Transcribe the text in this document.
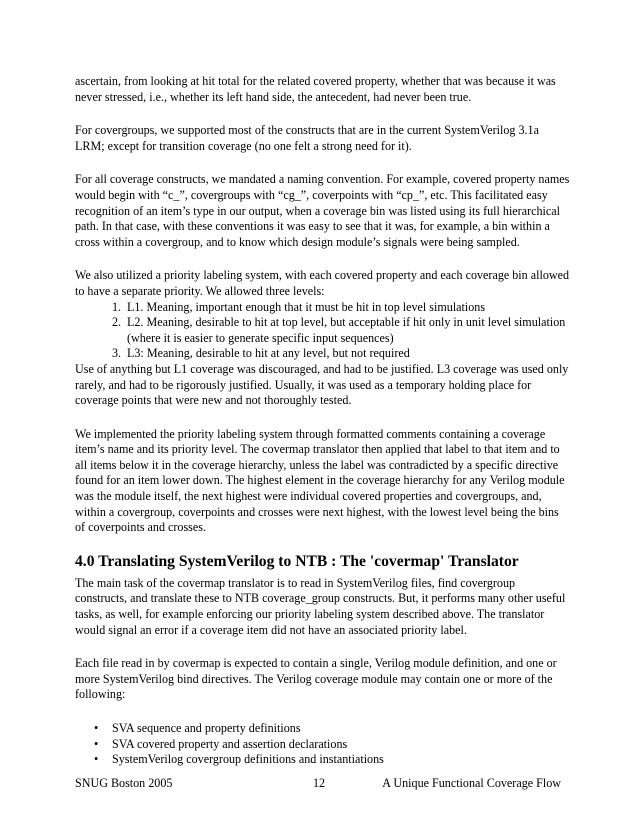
ascertain, from looking at hit total for the related covered property, whether that was because it was never stressed, i.e., whether its left hand side, the antecedent, had never been true.

For covergroups, we supported most of the constructs that are in the current SystemVerilog 3.1a LRM; except for transition coverage (no one felt a strong need for it).

For all coverage constructs, we mandated a naming convention. For example, covered property names would begin with “c_”, covergroups with “cg_”, coverpoints with “cp_”, etc. This facilitated easy recognition of an item’s type in our output, when a coverage bin was listed using its full hierarchical path. In that case, with these conventions it was easy to see that it was, for example, a bin within a cross within a covergroup, and to know which design module’s signals were being sampled.

We also utilized a priority labeling system, with each covered property and each coverage bin allowed to have a separate priority. We allowed three levels:

1. L1. Meaning, important enough that it must be hit in top level simulations
2. L2. Meaning, desirable to hit at top level, but acceptable if hit only in unit level simulation (where it is easier to generate specific input sequences)
3. L3: Meaning, desirable to hit at any level, but not required

Use of anything but L1 coverage was discouraged, and had to be justified. L3 coverage was used only rarely, and had to be rigorously justified. Usually, it was used as a temporary holding place for coverage points that were new and not thoroughly tested.

We implemented the priority labeling system through formatted comments containing a coverage item’s name and its priority level. The covermap translator then applied that label to that item and to all items below it in the coverage hierarchy, unless the label was contradicted by a specific directive found for an item lower down. The highest element in the coverage hierarchy for any Verilog module was the module itself, the next highest were individual covered properties and covergroups, and, within a covergroup, coverpoints and crosses were next highest, with the lowest level being the bins of coverpoints and crosses.

4.0 Translating SystemVerilog to NTB : The 'covermap' Translator

The main task of the covermap translator is to read in SystemVerilog files, find covergroup constructs, and translate these to NTB coverage_group constructs. But, it performs many other useful tasks, as well, for example enforcing our priority labeling system described above. The translator would signal an error if a coverage item did not have an associated priority label.

Each file read in by covermap is expected to contain a single, Verilog module definition, and one or more SystemVerilog bind directives. The Verilog coverage module may contain one or more of the following:

• SVA sequence and property definitions
• SVA covered property and assertion declarations
• SystemVerilog covergroup definitions and instantiations
SNUG Boston 2005	12	A Unique Functional Coverage Flow
